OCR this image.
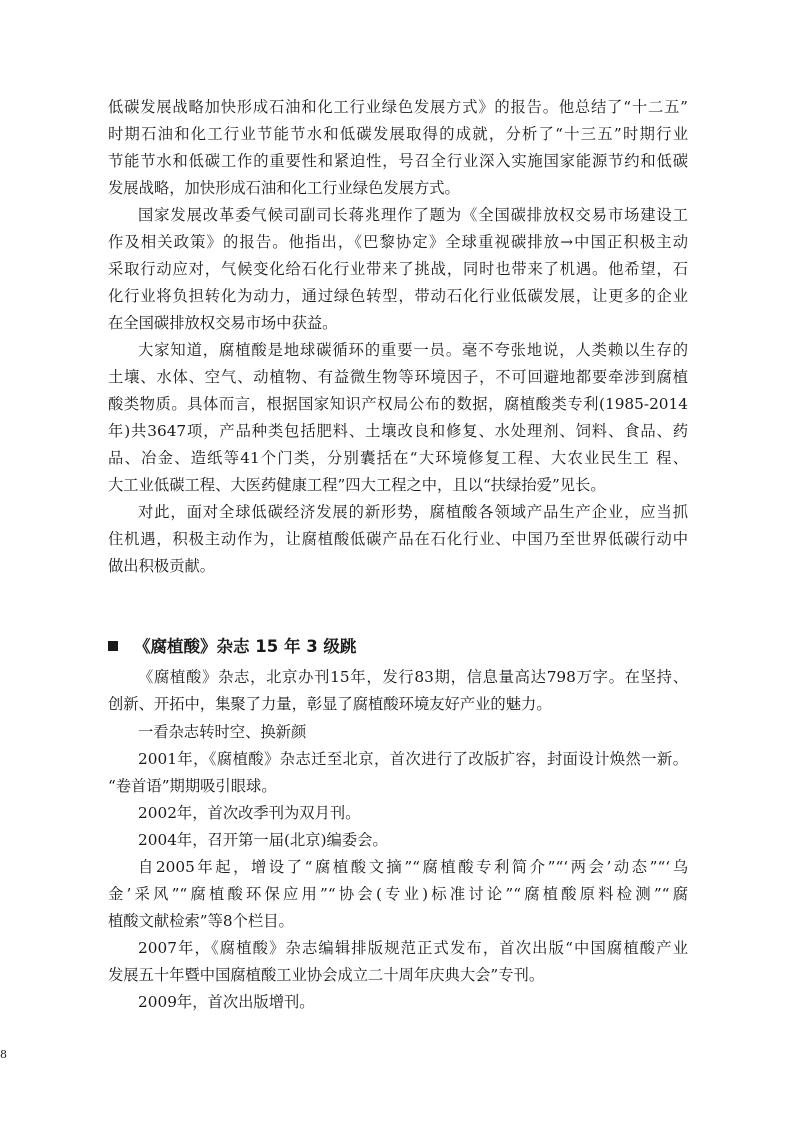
低碳发展战略加快形成石油和化工行业绿色发展方式》的报告。他总结了“十二五”
时期石油和化工行业节能节水和低碳发展取得的成就，分析了“十三五”时期行业
节能节水和低碳工作的重要性和紧迫性，号召全行业深入实施国家能源节约和低碳
发展战略，加快形成石油和化工行业绿色发展方式。
国家发展改革委气候司副司长蒋兆理作了题为《全国碳排放权交易市场建设工
作及相关政策》的报告。他指出，《巴黎协定》全球重视碳排放→中国正积极主动
采取行动应对，气候变化给石化行业带来了挑战，同时也带来了机遇。他希望，石
化行业将负担转化为动力，通过绿色转型，带动石化行业低碳发展，让更多的企业
在全国碳排放权交易市场中获益。
大家知道，腐植酸是地球碳循环的重要一员。毫不夸张地说，人类赖以生存的
土壤、水体、空气、动植物、有益微生物等环境因子，不可回避地都要牵涉到腐植
酸类物质。具体而言，根据国家知识产权局公布的数据，腐植酸类专利(1985-2014
年)共3647项，产品种类包括肥料、土壤改良和修复、水处理剂、饲料、食品、药
品、冶金、造纸等41个门类，分别囊括在“大环境修复工程、大农业民生工 程、
大工业低碳工程、大医药健康工程”四大工程之中，且以“扶绿抬爱”见长。
对此，面对全球低碳经济发展的新形势，腐植酸各领域产品生产企业，应当抓
住机遇，积极主动作为，让腐植酸低碳产品在石化行业、中国乃至世界低碳行动中
做出积极贡献。
《腐植酸》杂志 15 年 3 级跳
《腐植酸》杂志，北京办刊15年，发行83期，信息量高达798万字。在坚持、
创新、开拓中，集聚了力量，彰显了腐植酸环境友好产业的魅力。
一看杂志转时空、换新颜
2001年，《腐植酸》杂志迁至北京，首次进行了改版扩容，封面设计焕然一新。
“卷首语”期期吸引眼球。
2002年，首次改季刊为双月刊。
2004年，召开第一届(北京)编委会。
自2005年起，增设了“腐植酸文摘”“腐植酸专利简介”“‘两会’动态”“‘乌
金’采风”“腐植酸环保应用”“协会(专业)标准讨论”“腐植酸原料检测”“腐
植酸文献检索”等8个栏目。
2007年，《腐植酸》杂志编辑排版规范正式发布，首次出版“中国腐植酸产业
发展五十年暨中国腐植酸工业协会成立二十周年庆典大会”专刊。
2009年，首次出版增刊。
8
